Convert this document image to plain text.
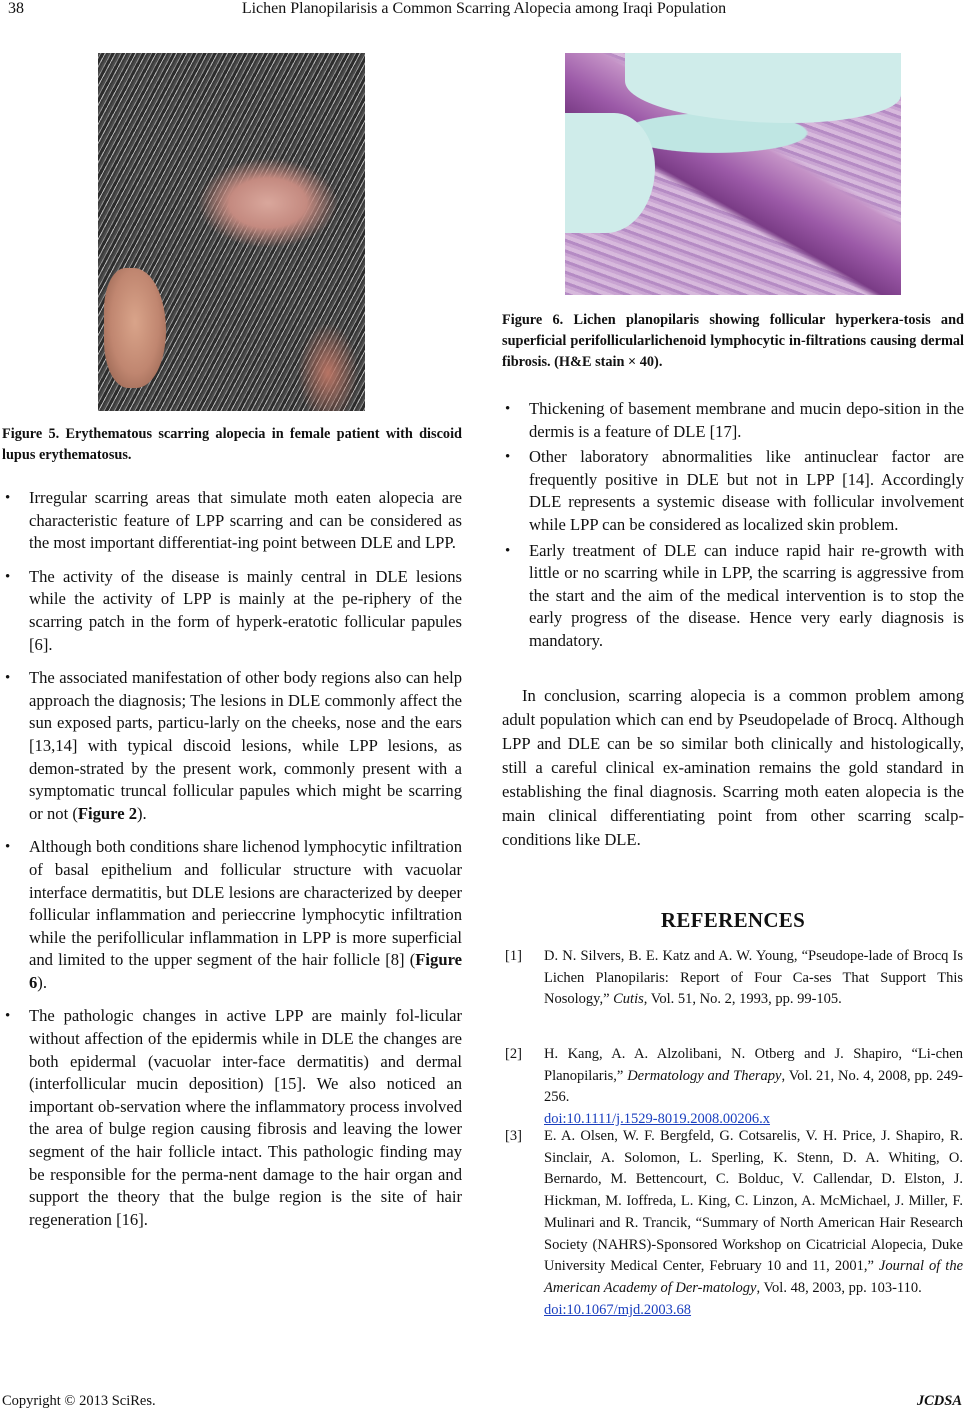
38	Lichen Planopilarisis a Common Scarring Alopecia among Iraqi Population
Figure 5. Erythematous scarring alopecia in female patient with discoid lupus erythematosus.
Figure 6. Lichen planopilaris showing follicular hyperkera-tosis and superficial perifollicularlichenoid lymphocytic in-filtrations causing dermal fibrosis. (H&E stain × 40).
• Irregular scarring areas that simulate moth eaten alopecia are characteristic feature of LPP scarring and can be considered as the most important differentiat-ing point between DLE and LPP.
• The activity of the disease is mainly central in DLE lesions while the activity of LPP is mainly at the pe-riphery of the scarring patch in the form of hyperk-eratotic follicular papules [6].
• The associated manifestation of other body regions also can help approach the diagnosis; The lesions in DLE commonly affect the sun exposed parts, particu-larly on the cheeks, nose and the ears [13,14] with typical discoid lesions, while LPP lesions, as demon-strated by the present work, commonly present with a symptomatic truncal follicular papules which might be scarring or not (Figure 2).
• Although both conditions share lichenod lymphocytic infiltration of basal epithelium and follicular structure with vacuolar interface dermatitis, but DLE lesions are characterized by deeper follicular inflammation and perieccrine lymphocytic infiltration while the perifollicular inflammation in LPP is more superficial and limited to the upper segment of the hair follicle [8] (Figure 6).
• The pathologic changes in active LPP are mainly fol-licular without affection of the epidermis while in DLE the changes are both epidermal (vacuolar inter-face dermatitis) and dermal (interfollicular mucin deposition) [15]. We also noticed an important ob-servation where the inflammatory process involved the area of bulge region causing fibrosis and leaving the lower segment of the hair follicle intact. This pathologic finding may be responsible for the perma-nent damage to the hair organ and support the theory that the bulge region is the site of hair regeneration [16].
• Thickening of basement membrane and mucin depo-sition in the dermis is a feature of DLE [17].
• Other laboratory abnormalities like antinuclear factor are frequently positive in DLE but not in LPP [14]. Accordingly DLE represents a systemic disease with follicular involvement while LPP can be considered as localized skin problem.
• Early treatment of DLE can induce rapid hair re-growth with little or no scarring while in LPP, the scarring is aggressive from the start and the aim of the medical intervention is to stop the early progress of the disease. Hence very early diagnosis is mandatory.

In conclusion, scarring alopecia is a common problem among adult population which can end by Pseudopelade of Brocq. Although LPP and DLE can be so similar both clinically and histologically, still a careful clinical ex-amination remains the gold standard in establishing the final diagnosis. Scarring moth eaten alopecia is the main clinical differentiating point from other scarring scalp-conditions like DLE.

REFERENCES
[1] D. N. Silvers, B. E. Katz and A. W. Young, “Pseudope-lade of Brocq Is Lichen Planopilaris: Report of Four Ca-ses That Support This Nosology,” Cutis, Vol. 51, No. 2, 1993, pp. 99-105.
[2] H. Kang, A. A. Alzolibani, N. Otberg and J. Shapiro, “Li-chen Planopilaris,” Dermatology and Therapy, Vol. 21, No. 4, 2008, pp. 249-256.
doi:10.1111/j.1529-8019.2008.00206.x
[3] E. A. Olsen, W. F. Bergfeld, G. Cotsarelis, V. H. Price, J. Shapiro, R. Sinclair, A. Solomon, L. Sperling, K. Stenn, D. A. Whiting, O. Bernardo, M. Bettencourt, C. Bolduc, V. Callendar, D. Elston, J. Hickman, M. Ioffreda, L. King, C. Linzon, A. McMichael, J. Miller, F. Mulinari and R. Trancik, “Summary of North American Hair Research Society (NAHRS)-Sponsored Workshop on Cicatricial Alopecia, Duke University Medical Center, February 10 and 11, 2001,” Journal of the American Academy of Der-matology, Vol. 48, 2003, pp. 103-110.
doi:10.1067/mjd.2003.68
Copyright © 2013 SciRes.	JCDSA
